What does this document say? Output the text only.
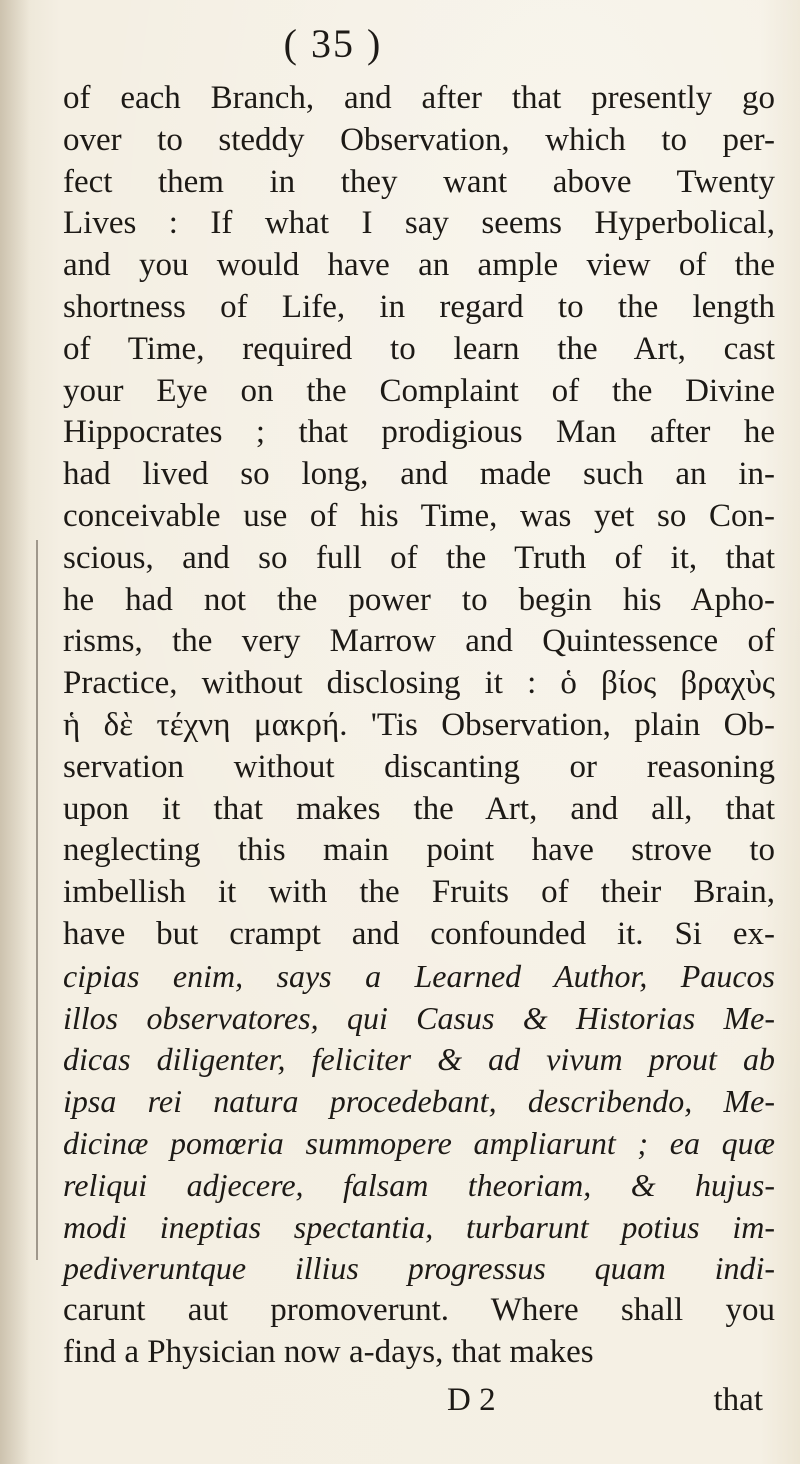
( 35 )
of each Branch, and after that presently go
over to steddy Observation, which to per-
fect them in they want above Twenty
Lives : If what I say seems Hyperbolical,
and you would have an ample view of the
shortness of Life, in regard to the length
of Time, required to learn the Art, cast
your Eye on the Complaint of the Divine
Hippocrates ; that prodigious Man after he
had lived so long, and made such an in-
conceivable use of his Time, was yet so Con-
scious, and so full of the Truth of it, that
he had not the power to begin his Apho-
risms, the very Marrow and Quintessence of
Practice, without disclosing it : ὁ βίος βραχὺς
ἡ δὲ τέχνη μακρή. 'Tis Observation, plain Ob-
servation without discanting or reasoning
upon it that makes the Art, and all, that
neglecting this main point have strove to
imbellish it with the Fruits of their Brain,
have but crampt and confounded it. Si ex-
cipias enim, says a Learned Author, Paucos
illos observatores, qui Casus & Historias Me-
dicas diligenter, feliciter & ad vivum prout ab
ipsa rei natura procedebant, describendo, Me-
dicinæ pomœria summopere ampliarunt ; ea quæ
reliqui adjecere, falsam theoriam, & hujus-
modi ineptias spectantia, turbarunt potius im-
pediveruntque illius progressus quam indi-
carunt aut promoverunt. Where shall you
find a Physician now a-days, that makes
D 2	that
